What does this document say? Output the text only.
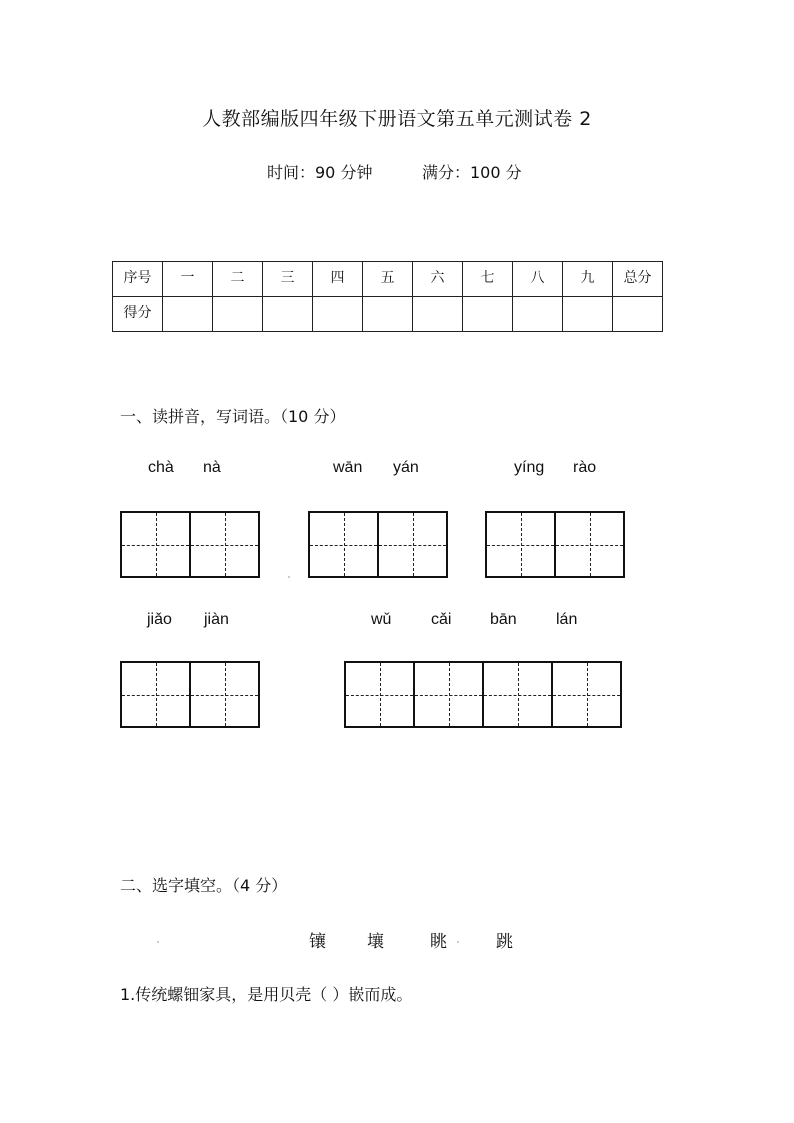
人教部编版四年级下册语文第五单元测试卷 2
时间：90 分钟	满分：100 分
序号	一	二	三	四	五	六	七	八	九	总分
得分										
一、读拼音，写词语。（10 分）
chà nà	wān yán	yíng rào
jiǎo jiàn	wǔ cǎi bān lán
二、选字填空。（4 分）
镶 壤	眺	跳
1.传统螺钿家具，是用贝壳（ ）嵌而成。
